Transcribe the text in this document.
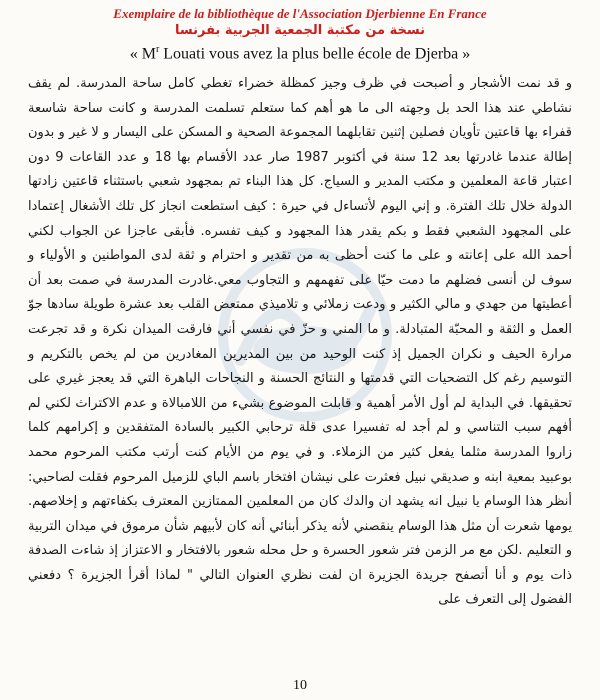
Exemplaire de la bibliothèque de l'Association Djerbienne En France
نسخة من مكتبة الجمعية الجربية بفرنسا
« $M^r$ Louati vous avez la plus belle école de Djerba »

و قد نمت الأشجار و أصبحت في ظرف وجيز كمظلة خضراء تغطي كامل ساحة المدرسة. لم يقف نشاطي عند هذا الحد بل وجهته الى ما هو أهم كما ستعلم تسلمت المدرسة و كانت ساحة شاسعة قفراء بها قاعتين تأويان فصلين إثنين تقابلهما المجموعة الصحية و المسكن على اليسار و لا غير و بدون إطالة عندما غادرتها بعد 12 سنة في أكتوبر 1987 صار عدد الأقسام بها 18 و عدد القاعات 9 دون اعتبار قاعة المعلمين و مكتب المدير و السياج. كل هذا البناء تم بمجهود شعبي باستثناء قاعتين زادتها الدولة خلال تلك الفترة. و إني اليوم لأتساءل في حيرة : كيف استطعت انجاز كل تلك الأشغال إعتمادا على المجهود الشعبي فقط و بكم يقدر هذا المجهود و كيف تفسره. فأبقى عاجزا عن الجواب لكني أحمد الله على إعانته و على ما كنت أحظى به من تقدير و احترام و ثقة لدى المواطنين و الأولياء و سوف لن أنسى فضلهم ما دمت حيّا على تفهمهم و التجاوب معي.غادرت المدرسة في صمت بعد أن أعطيتها من جهدي و مالي الكثير و ودعت زملائي و تلاميذي ممتعض القلب بعد عشرة طويلة سادها جوّ العمل و الثقة و المحبّة المتبادلة. و ما المني و حزّ في نفسي أني فارقت الميدان نكرة و قد تجرعت مرارة الحيف و نكران الجميل إذ كنت الوحيد من بين المديرين المغادرين من لم يخص بالتكريم و التوسيم رغم كل التضحيات التي قدمتها و النتائج الحسنة و النجاحات الباهرة التي قد يعجز غيري على تحقيقها. في البداية لم أول الأمر أهمية و قابلت الموضوع بشيء من اللامبالاة و عدم الاكتراث لكني لم أفهم سبب التناسي و لم أجد له تفسيرا عدى قلة ترحابي الكبير بالسادة المتفقدين و إكرامهم كلما زاروا المدرسة مثلما يفعل كثير من الزملاء. و في يوم من الأيام كنت أرتب مكتب المرحوم محمد بوعبيد بمعية ابنه و صديقي نبيل فعثرت على نيشان افتخار باسم الباي للزميل المرحوم فقلت لصاحبي: أنظر هذا الوسام يا نبيل انه يشهد ان والدك كان من المعلمين الممتازين المعترف بكفاءتهم و إخلاصهم. يومها شعرت أن مثل هذا الوسام ينقصني لأنه يذكر أبنائي أنه كان لأبيهم شأن مرموق في ميدان التربية و التعليم .لكن مع مر الزمن فتر شعور الحسرة و حل محله شعور بالافتخار و الاعتزاز إذ شاءت الصدفة ذات يوم و أنا أتصفح جريدة الجزيرة ان لفت نظري العنوان التالي " لماذا أقرأ الجزيرة ؟ دفعني الفضول إلى التعرف على

10
